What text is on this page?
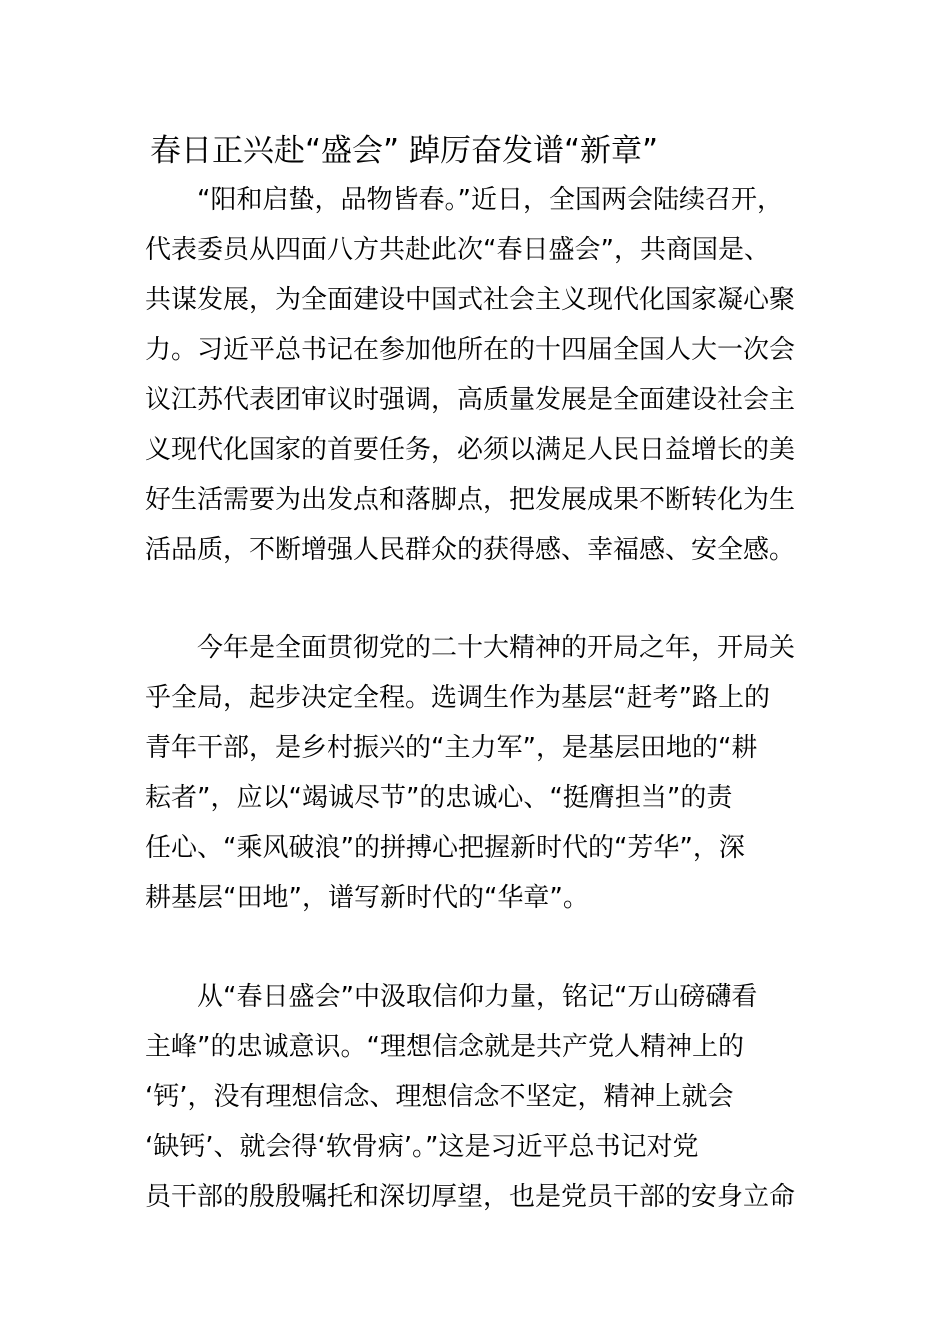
春日正兴赴“盛会” 踔厉奋发谱“新章”
“阳和启蛰，品物皆春。”近日，全国两会陆续召开，
代表委员从四面八方共赴此次“春日盛会”，共商国是、
共谋发展，为全面建设中国式社会主义现代化国家凝心聚
力。习近平总书记在参加他所在的十四届全国人大一次会
议江苏代表团审议时强调，高质量发展是全面建设社会主
义现代化国家的首要任务，必须以满足人民日益增长的美
好生活需要为出发点和落脚点，把发展成果不断转化为生
活品质，不断增强人民群众的获得感、幸福感、安全感。
今年是全面贯彻党的二十大精神的开局之年，开局关
乎全局，起步决定全程。选调生作为基层“赶考”路上的
青年干部，是乡村振兴的“主力军”，是基层田地的“耕
耘者”，应以“竭诚尽节”的忠诚心、“挺膺担当”的责
任心、“乘风破浪”的拼搏心把握新时代的“芳华”，深
耕基层“田地”，谱写新时代的“华章”。
从“春日盛会”中汲取信仰力量，铭记“万山磅礴看
主峰”的忠诚意识。“理想信念就是共产党人精神上的
‘钙’，没有理想信念、理想信念不坚定，精神上就会
‘缺钙’、就会得‘软骨病’。”这是习近平总书记对党
员干部的殷殷嘱托和深切厚望，也是党员干部的安身立命
